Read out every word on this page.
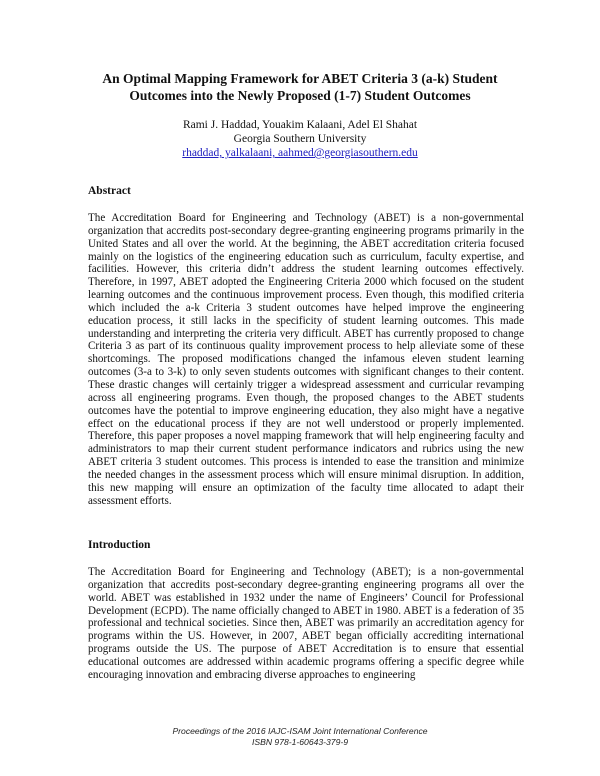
An Optimal Mapping Framework for ABET Criteria 3 (a-k) Student
Outcomes into the Newly Proposed (1-7) Student Outcomes
Rami J. Haddad, Youakim Kalaani, Adel El Shahat
Georgia Southern University
rhaddad, yalkalaani, aahmed@georgiasouthern.edu
Abstract

The Accreditation Board for Engineering and Technology (ABET) is a non-governmental organization that accredits post-secondary degree-granting engineering programs primarily in the United States and all over the world. At the beginning, the ABET accreditation criteria focused mainly on the logistics of the engineering education such as curriculum, faculty expertise, and facilities. However, this criteria didn’t address the student learning outcomes effectively. Therefore, in 1997, ABET adopted the Engineering Criteria 2000 which focused on the student learning outcomes and the continuous improvement process. Even though, this modified criteria which included the a-k Criteria 3 student outcomes have helped improve the engineering education process, it still lacks in the specificity of student learning outcomes. This made understanding and interpreting the criteria very difficult. ABET has currently proposed to change Criteria 3 as part of its continuous quality improvement process to help alleviate some of these shortcomings. The proposed modifications changed the infamous eleven student learning outcomes (3-a to 3-k) to only seven students outcomes with significant changes to their content. These drastic changes will certainly trigger a widespread assessment and curricular revamping across all engineering programs. Even though, the proposed changes to the ABET students outcomes have the potential to improve engineering education, they also might have a negative effect on the educational process if they are not well understood or properly implemented. Therefore, this paper proposes a novel mapping framework that will help engineering faculty and administrators to map their current student performance indicators and rubrics using the new ABET criteria 3 student outcomes. This process is intended to ease the transition and minimize the needed changes in the assessment process which will ensure minimal disruption. In addition, this new mapping will ensure an optimization of the faculty time allocated to adapt their assessment efforts.

Introduction

The Accreditation Board for Engineering and Technology (ABET); is a non-governmental organization that accredits post-secondary degree-granting engineering programs all over the world. ABET was established in 1932 under the name of Engineers’ Council for Professional Development (ECPD). The name officially changed to ABET in 1980. ABET is a federation of 35 professional and technical societies. Since then, ABET was primarily an accreditation agency for programs within the US. However, in 2007, ABET began officially accrediting international programs outside the US. The purpose of ABET Accreditation is to ensure that essential educational outcomes are addressed within academic programs offering a specific degree while encouraging innovation and embracing diverse approaches to engineering

Proceedings of the 2016 IAJC-ISAM Joint International Conference
ISBN 978-1-60643-379-9
